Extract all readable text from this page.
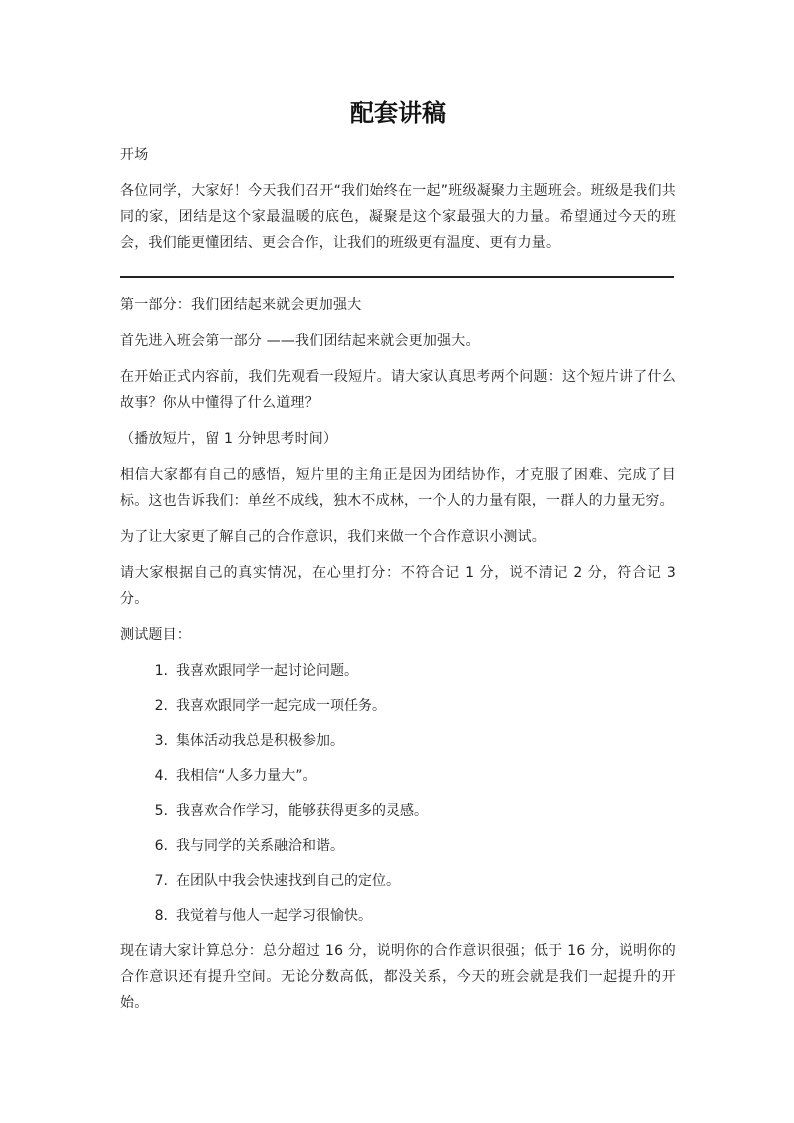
配套讲稿

开场

各位同学，大家好！今天我们召开“我们始终在一起”班级凝聚力主题班会。班级是我们共同的家，团结是这个家最温暖的底色，凝聚是这个家最强大的力量。希望通过今天的班会，我们能更懂团结、更会合作，让我们的班级更有温度、更有力量。

第一部分：我们团结起来就会更加强大

首先进入班会第一部分 ——我们团结起来就会更加强大。

在开始正式内容前，我们先观看一段短片。请大家认真思考两个问题：这个短片讲了什么故事？你从中懂得了什么道理？

（播放短片，留 1 分钟思考时间）

相信大家都有自己的感悟，短片里的主角正是因为团结协作，才克服了困难、完成了目标。这也告诉我们：单丝不成线，独木不成林，一个人的力量有限，一群人的力量无穷。

为了让大家更了解自己的合作意识，我们来做一个合作意识小测试。

请大家根据自己的真实情况，在心里打分：不符合记 1 分，说不清记 2 分，符合记 3 分。

测试题目：

1. 我喜欢跟同学一起讨论问题。
2. 我喜欢跟同学一起完成一项任务。
3. 集体活动我总是积极参加。
4. 我相信“人多力量大”。
5. 我喜欢合作学习，能够获得更多的灵感。
6. 我与同学的关系融洽和谐。
7. 在团队中我会快速找到自己的定位。
8. 我觉着与他人一起学习很愉快。

现在请大家计算总分：总分超过 16 分，说明你的合作意识很强；低于 16 分，说明你的合作意识还有提升空间。无论分数高低，都没关系，今天的班会就是我们一起提升的开始。
